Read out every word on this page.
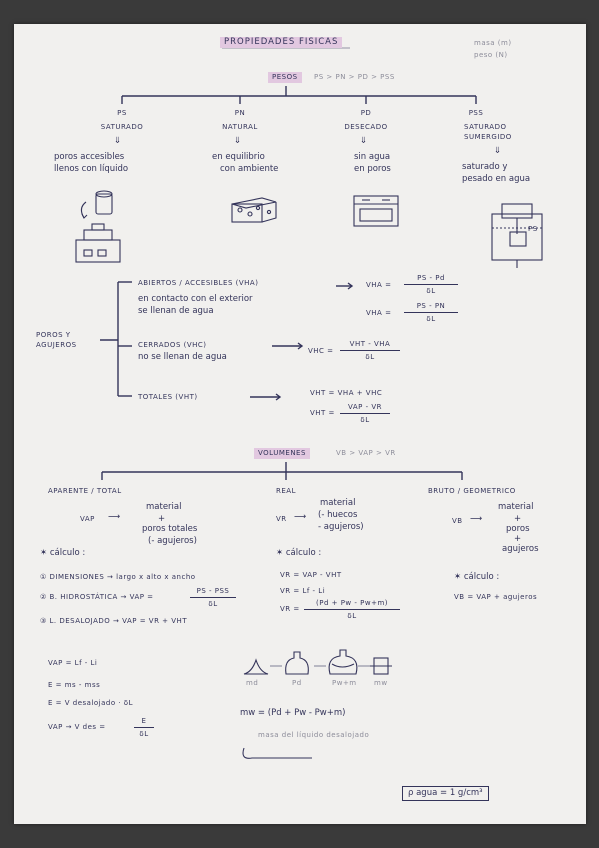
PROPIEDADES FISICAS	masa (m)
peso (N)
PESOS	PS > PN > PD > PSS
PS
SATURADO
⇓
poros accesibles
llenos con líquido
PN
NATURAL
⇓
en equilibrio
con ambiente
PD
DESECADO
⇓
sin agua
en poros
PSS
SATURADO
SUMERGIDO
⇓
saturado y
pesado en agua
PS
POROS Y
AGUJEROS
ABIERTOS / ACCESIBLES (VHA)
en contacto con el exterior
se llenan de agua
VHA =
PS - Pd
δL
VHA =
PS - PN
δL
CERRADOS (VHC)
no se llenan de agua
VHC =
VHT - VHA
δL
TOTALES (VHT)	VHT = VHA + VHC
VHT =
VAP - VR
δL
VOLUMENES	VB > VAP > VR
APARENTE / TOTAL
VAP ⟶
material
+
poros totales
(- agujeros)
REAL
VR ⟶
material
(- huecos
- agujeros)
BRUTO / GEOMETRICO
VB ⟶
material
+
poros
+
agujeros
✶ cálculo :
① DIMENSIONES → largo x alto x ancho
② B. HIDROSTÁTICA → VAP =
PS - PSS
δL
③ L. DESALOJADO → VAP = VR + VHT
✶ cálculo :
VR = VAP - VHT
VR = Lf - Li
VR =
(Pd + Pw - Pw+m)
δL
✶ cálculo :
VB = VAP + agujeros
VAP = Lf - Li
E = ms - mss
E = V desalojado · δL
VAP → V des =
E
δL
md	Pd	Pw+m mw
mw = (Pd + Pw - Pw+m)
masa del líquido desalojado
ρ agua = 1 g/cm³
